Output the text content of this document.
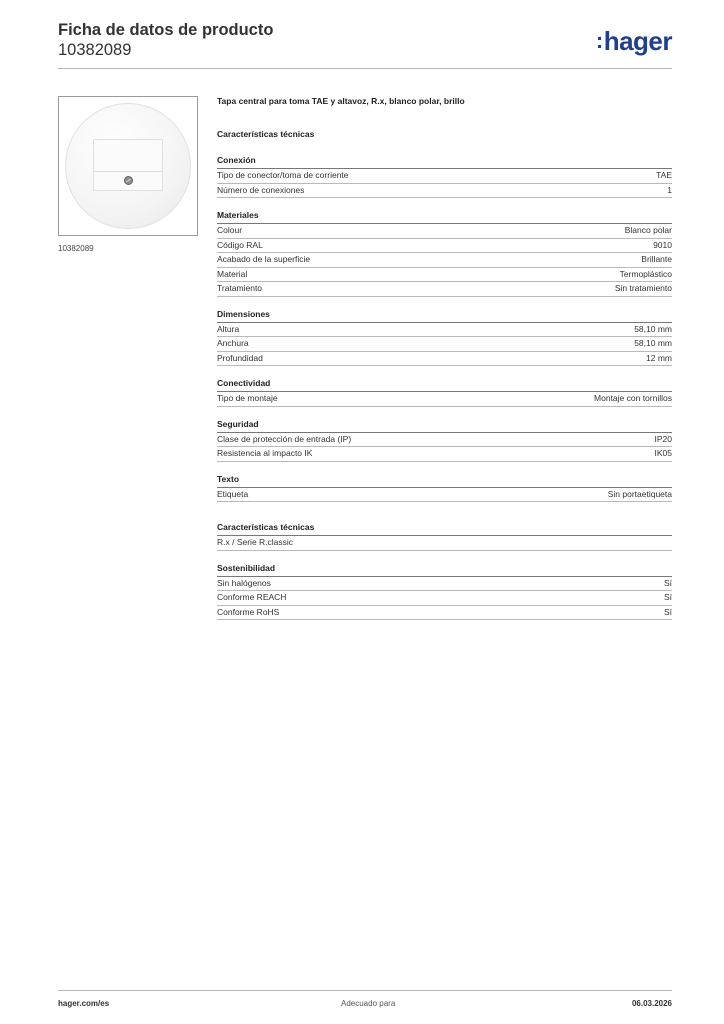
Ficha de datos de producto
10382089	:hager
10382089
Tapa central para toma TAE y altavoz, R.x, blanco polar, brillo
Características técnicas
Conexión
Tipo de conector/toma de corriente	TAE
Número de conexiones	1
Materiales
Colour	Blanco polar
Código RAL	9010
Acabado de la superficie	Brillante
Material	Termoplástico
Tratamiento	Sin tratamiento
Dimensiones
Altura	58,10 mm
Anchura	58,10 mm
Profundidad	12 mm
Conectividad
Tipo de montaje	Montaje con tornillos
Seguridad
Clase de protección de entrada (IP)	IP20
Resistencia al impacto IK	IK05
Texto
Etiqueta	Sin portaetiqueta
Características técnicas
R.x / Serie R.classic
Sostenibilidad
Sin halógenos	Sí
Conforme REACH	Sí
Conforme RoHS	Sí
hager.com/es	Adecuado para	06.03.2026
